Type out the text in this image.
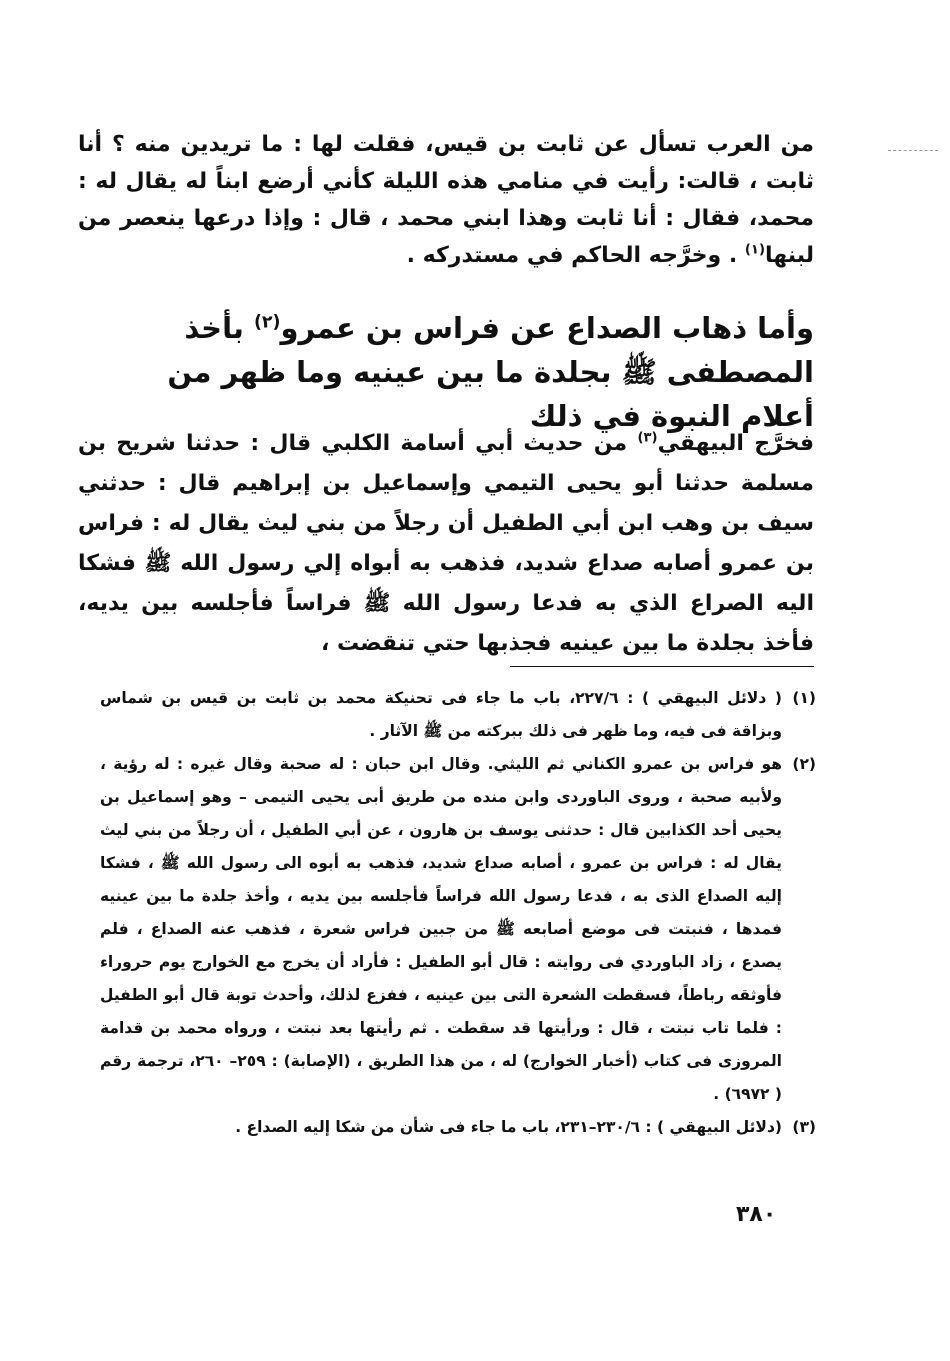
من العرب تسأل عن ثابت بن قيس، فقلت لها : ما تريدين منه ؟ أنا ثابت ، قالت: رأيت في منامي هذه الليلة كأني أرضع ابناً له يقال له : محمد، فقال : أنا ثابت وهذا ابني محمد ، قال : وإذا درعها ينعصر من لبنها$^{(١)}$ . وخرَّجه الحاكم في مستدركه .
وأما ذهاب الصداع عن فراس بن عمرو$^{(٢)}$ بأخذ المصطفى ﷺ بجلدة ما بين عينيه وما ظهر من أعلام النبوة في ذلك
فخرَّج البيهقي$^{(٣)}$ من حديث أبي أسامة الكلبي قال : حدثنا شريح بن مسلمة حدثنا أبو يحيى التيمي وإسماعيل بن إبراهيم قال : حدثني سيف بن وهب ابن أبي الطفيل أن رجلاً من بني ليث يقال له : فراس بن عمرو أصابه صداع شديد، فذهب به أبواه إلي رسول الله ﷺ فشكا اليه الصراع الذي به فدعا رسول الله ﷺ فراساً فأجلسه بين يديه، فأخذ بجلدة ما بين عينيه فجذبها حتي تنقضت ،

(١)
( دلائل البيهقي ) : ٢٢٧/٦، باب ما جاء فى تحنيكة محمد بن ثابت بن قيس بن شماس وبزاقة فى فيه، وما ظهر فى ذلك ببركته من ﷺ الآثار .

(٢)
هو فراس بن عمرو الكناني ثم الليثي. وقال ابن حبان : له صحبة وقال غيره : له رؤية ، ولأبيه صحبة ، وروى الباوردى وابن منده من طريق أبى يحيى التيمى – وهو إسماعيل بن يحيى أحد الكذابين قال : حدثنى يوسف بن هارون ، عن أبي الطفيل ، أن رجلاً من بني ليث يقال له : فراس بن عمرو ، أصابه صداع شديد، فذهب به أبوه الى رسول الله ﷺ ، فشكا إليه الصداع الذى به ، فدعا رسول الله فراساً فأجلسه بين يديه ، وأخذ جلدة ما بين عينيه فمدها ، فنبتت فى موضع أصابعه ﷺ من جبين فراس شعرة ، فذهب عنه الصداع ، فلم يصدع ، زاد الباوردي فى روايته : قال أبو الطفيل : فأراد أن يخرج مع الخوارج يوم حروراء فأوثقه رباطاً، فسقطت الشعرة التى بين عينيه ، ففزع لذلك، وأحدث توبة قال أبو الطفيل : فلما تاب نبتت ، قال : ورأيتها قد سقطت . ثم رأيتها بعد نبتت ، ورواه محمد بن قدامة المروزى فى كتاب (أخبار الخوارج) له ، من هذا الطريق ، (الإصابة) : ٢٥٩– ٢٦٠، ترجمة رقم ( ٦٩٧٢) .

(٣)
(دلائل البيهقي ) : ٢٣٠/٦–٢٣١، باب ما جاء فى شأن من شكا إليه الصداع .

٣٨٠
